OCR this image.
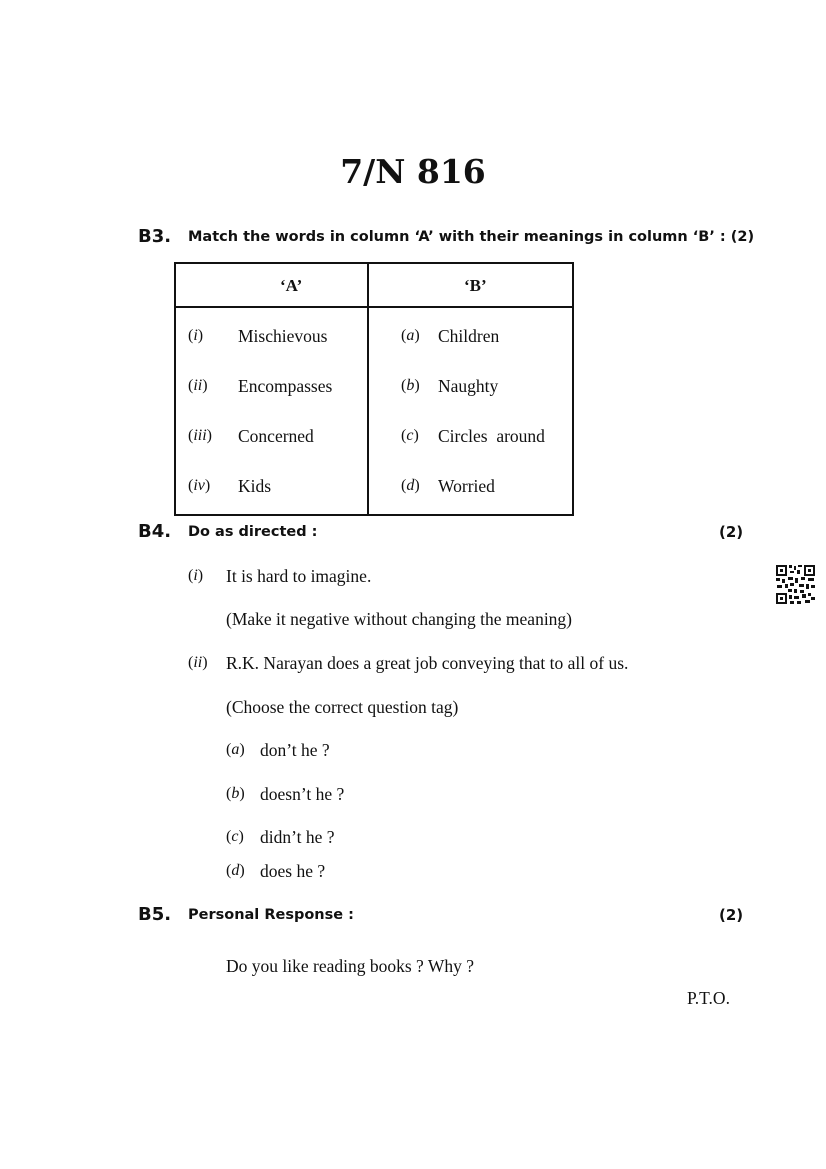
7/N 816
B3. Match the words in column ‘A’ with their meanings in column ‘B’ : (2)
‘A’	‘B’
(i) Mischievous	(a) Children
(ii) Encompasses	(b) Naughty
(iii) Concerned	(c) Circles  around
(iv) Kids	(d) Worried
B4. Do as directed :	(2)
(i) It is hard to imagine.
(Make it negative without changing the meaning)
(ii) R.K. Narayan does a great job conveying that to all of us.
(Choose the correct question tag)
(a) don’t he ?
(b) doesn’t he ?
(c) didn’t he ?
(d) does he ?
B5. Personal Response :	(2)
Do you like reading books ? Why ?
P.T.O.
